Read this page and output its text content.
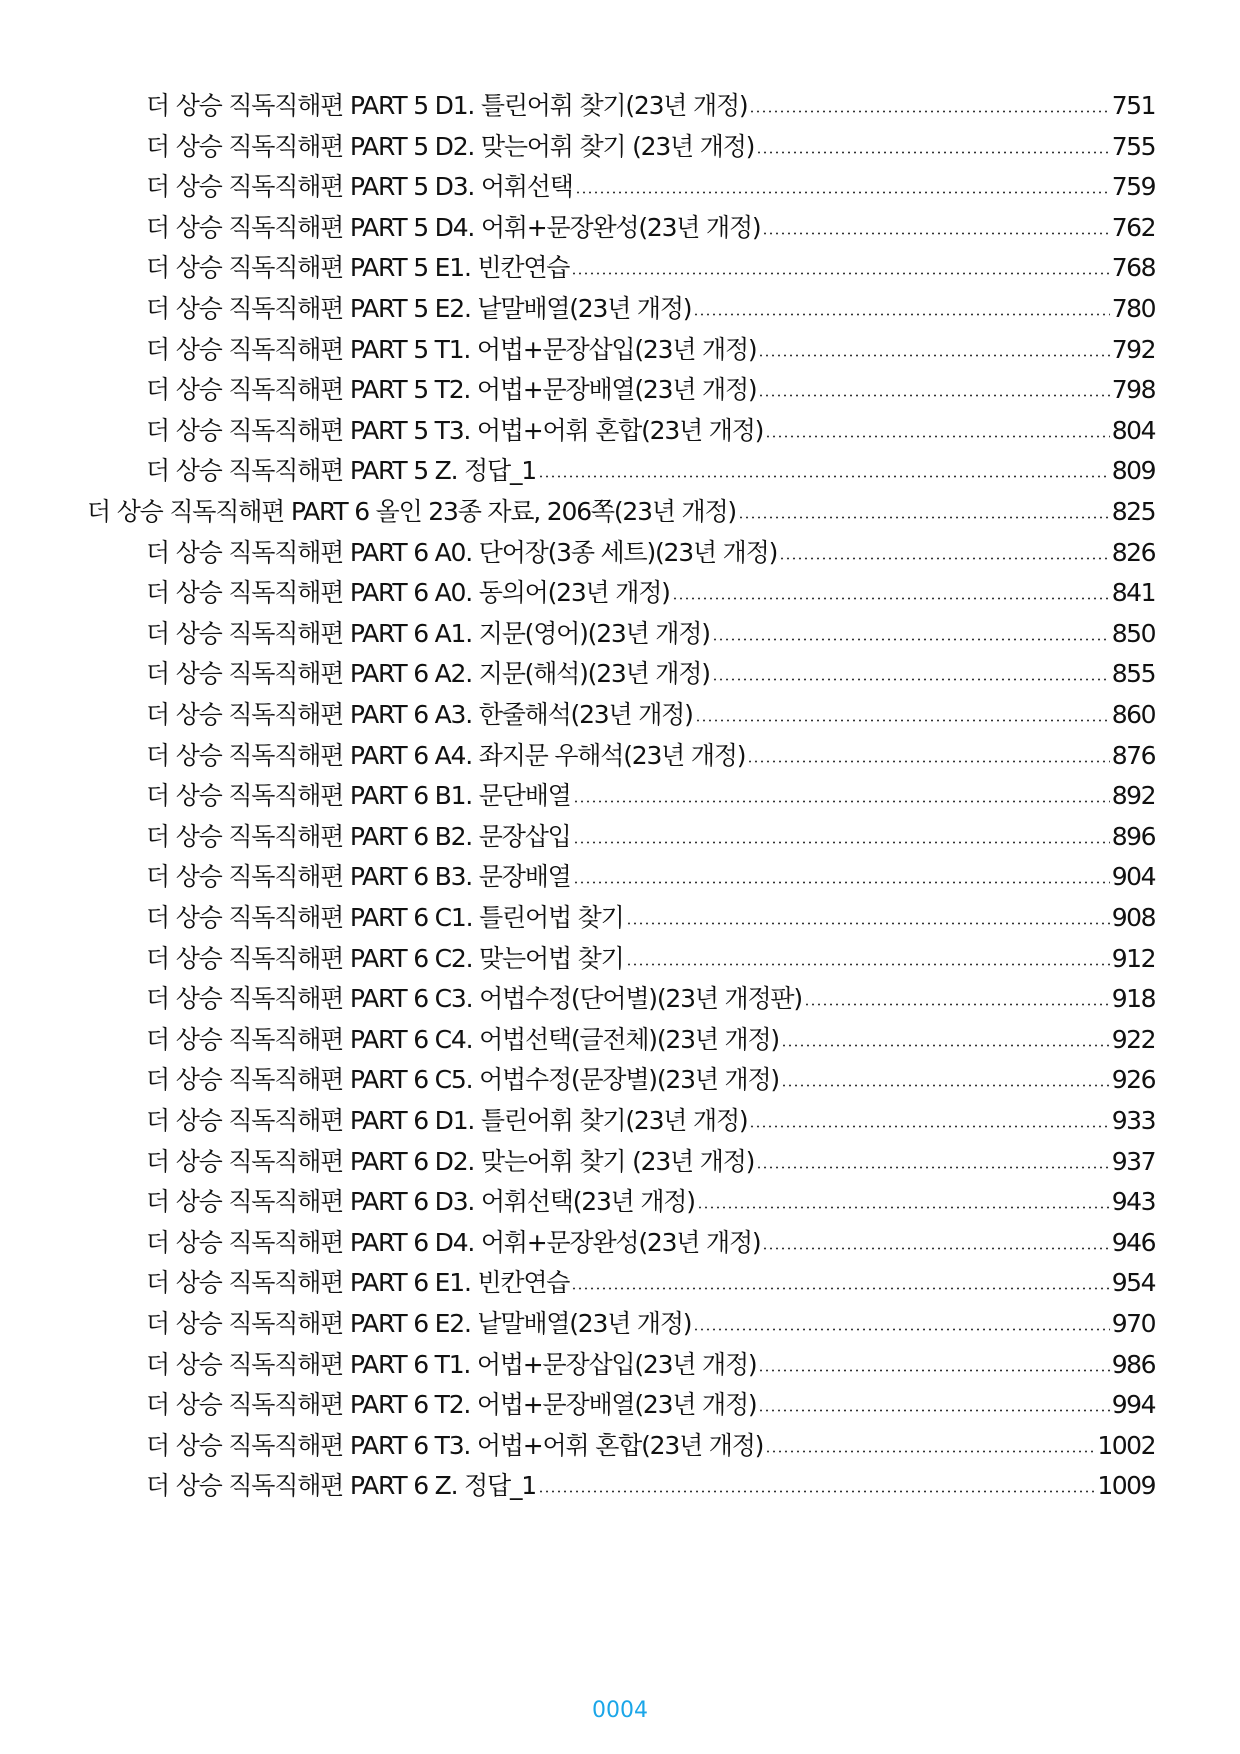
더 상승 직독직해편 PART 5 D1. 틀린어휘 찾기(23년 개정)	751
더 상승 직독직해편 PART 5 D2. 맞는어휘 찾기 (23년 개정)	755
더 상승 직독직해편 PART 5 D3. 어휘선택	759
더 상승 직독직해편 PART 5 D4. 어휘+문장완성(23년 개정)	762
더 상승 직독직해편 PART 5 E1. 빈칸연습	768
더 상승 직독직해편 PART 5 E2. 낱말배열(23년 개정)	780
더 상승 직독직해편 PART 5 T1. 어법+문장삽입(23년 개정)	792
더 상승 직독직해편 PART 5 T2. 어법+문장배열(23년 개정)	798
더 상승 직독직해편 PART 5 T3. 어법+어휘 혼합(23년 개정)	804
더 상승 직독직해편 PART 5 Z. 정답_1	809
더 상승 직독직해편 PART 6 올인 23종 자료, 206쪽(23년 개정)	825
더 상승 직독직해편 PART 6 A0. 단어장(3종 세트)(23년 개정)	826
더 상승 직독직해편 PART 6 A0. 동의어(23년 개정)	841
더 상승 직독직해편 PART 6 A1. 지문(영어)(23년 개정)	850
더 상승 직독직해편 PART 6 A2. 지문(해석)(23년 개정)	855
더 상승 직독직해편 PART 6 A3. 한줄해석(23년 개정)	860
더 상승 직독직해편 PART 6 A4. 좌지문 우해석(23년 개정)	876
더 상승 직독직해편 PART 6 B1. 문단배열	892
더 상승 직독직해편 PART 6 B2. 문장삽입	896
더 상승 직독직해편 PART 6 B3. 문장배열	904
더 상승 직독직해편 PART 6 C1. 틀린어법 찾기	908
더 상승 직독직해편 PART 6 C2. 맞는어법 찾기	912
더 상승 직독직해편 PART 6 C3. 어법수정(단어별)(23년 개정판)	918
더 상승 직독직해편 PART 6 C4. 어법선택(글전체)(23년 개정)	922
더 상승 직독직해편 PART 6 C5. 어법수정(문장별)(23년 개정)	926
더 상승 직독직해편 PART 6 D1. 틀린어휘 찾기(23년 개정)	933
더 상승 직독직해편 PART 6 D2. 맞는어휘 찾기 (23년 개정)	937
더 상승 직독직해편 PART 6 D3. 어휘선택(23년 개정)	943
더 상승 직독직해편 PART 6 D4. 어휘+문장완성(23년 개정)	946
더 상승 직독직해편 PART 6 E1. 빈칸연습	954
더 상승 직독직해편 PART 6 E2. 낱말배열(23년 개정)	970
더 상승 직독직해편 PART 6 T1. 어법+문장삽입(23년 개정)	986
더 상승 직독직해편 PART 6 T2. 어법+문장배열(23년 개정)	994
더 상승 직독직해편 PART 6 T3. 어법+어휘 혼합(23년 개정)	1002
더 상승 직독직해편 PART 6 Z. 정답_1	1009
0004
